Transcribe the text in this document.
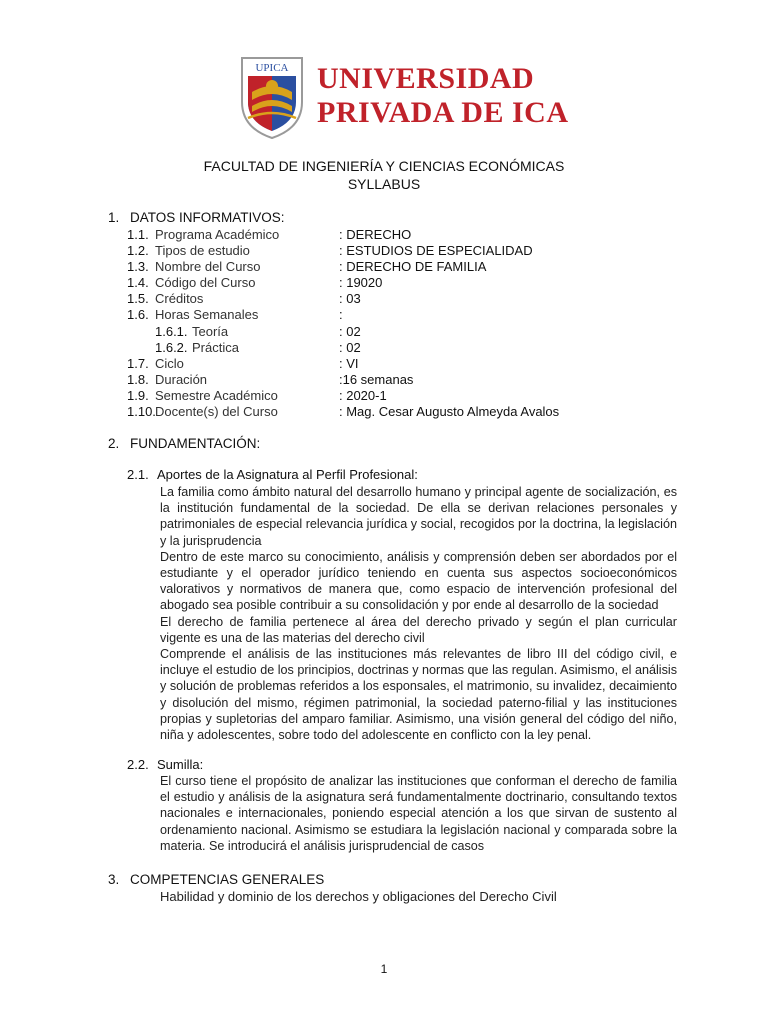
UPICA UNIVERSIDAD
PRIVADA DE ICA
FACULTAD DE INGENIERÍA Y CIENCIAS ECONÓMICAS
SYLLABUS
1. DATOS INFORMATIVOS:
1.1. Programa Académico	: DERECHO
1.2. Tipos de estudio	: ESTUDIOS DE ESPECIALIDAD
1.3. Nombre del Curso	: DERECHO DE FAMILIA
1.4. Código del Curso	: 19020
1.5. Créditos	: 03
1.6. Horas Semanales	:
1.6.1. Teoría	: 02
1.6.2. Práctica	: 02
1.7. Ciclo	: VI
1.8. Duración	:16 semanas
1.9. Semestre Académico	: 2020-1
1.10. Docente(s) del Curso	: Mag. Cesar Augusto Almeyda Avalos
2. FUNDAMENTACIÓN:
2.1. Aportes de la Asignatura al Perfil Profesional:

La familia como ámbito natural del desarrollo humano y principal agente de socialización, es la institución fundamental de la sociedad. De ella se derivan relaciones personales y patrimoniales de especial relevancia jurídica y social, recogidos por la doctrina, la legislación y la jurisprudencia

Dentro de este marco su conocimiento, análisis y comprensión deben ser abordados por el estudiante y el operador jurídico teniendo en cuenta sus aspectos socioeconómicos valorativos y normativos de manera que, como espacio de intervención profesional del abogado sea posible contribuir a su consolidación y por ende al desarrollo de la sociedad

El derecho de familia pertenece al área del derecho privado y según el plan curricular vigente es una de las materias del derecho civil

Comprende el análisis de las instituciones más relevantes de libro III del código civil, e incluye el estudio de los principios, doctrinas y normas que las regulan. Asimismo, el análisis y solución de problemas referidos a los esponsales, el matrimonio, su invalidez, decaimiento y disolución del mismo, régimen patrimonial, la sociedad paterno-filial y las instituciones propias y supletorias del amparo familiar. Asimismo, una visión general del código del niño, niña y adolescentes, sobre todo del adolescente en conflicto con la ley penal.

2.2. Sumilla:

El curso tiene el propósito de analizar las instituciones que conforman el derecho de familia el estudio y análisis de la asignatura será fundamentalmente doctrinario, consultando textos nacionales e internacionales, poniendo especial atención a los que sirvan de sustento al ordenamiento nacional. Asimismo se estudiara la legislación nacional y comparada sobre la materia. Se introducirá el análisis jurisprudencial de casos

3. COMPETENCIAS GENERALES
Habilidad y dominio de los derechos y obligaciones del Derecho Civil
1
